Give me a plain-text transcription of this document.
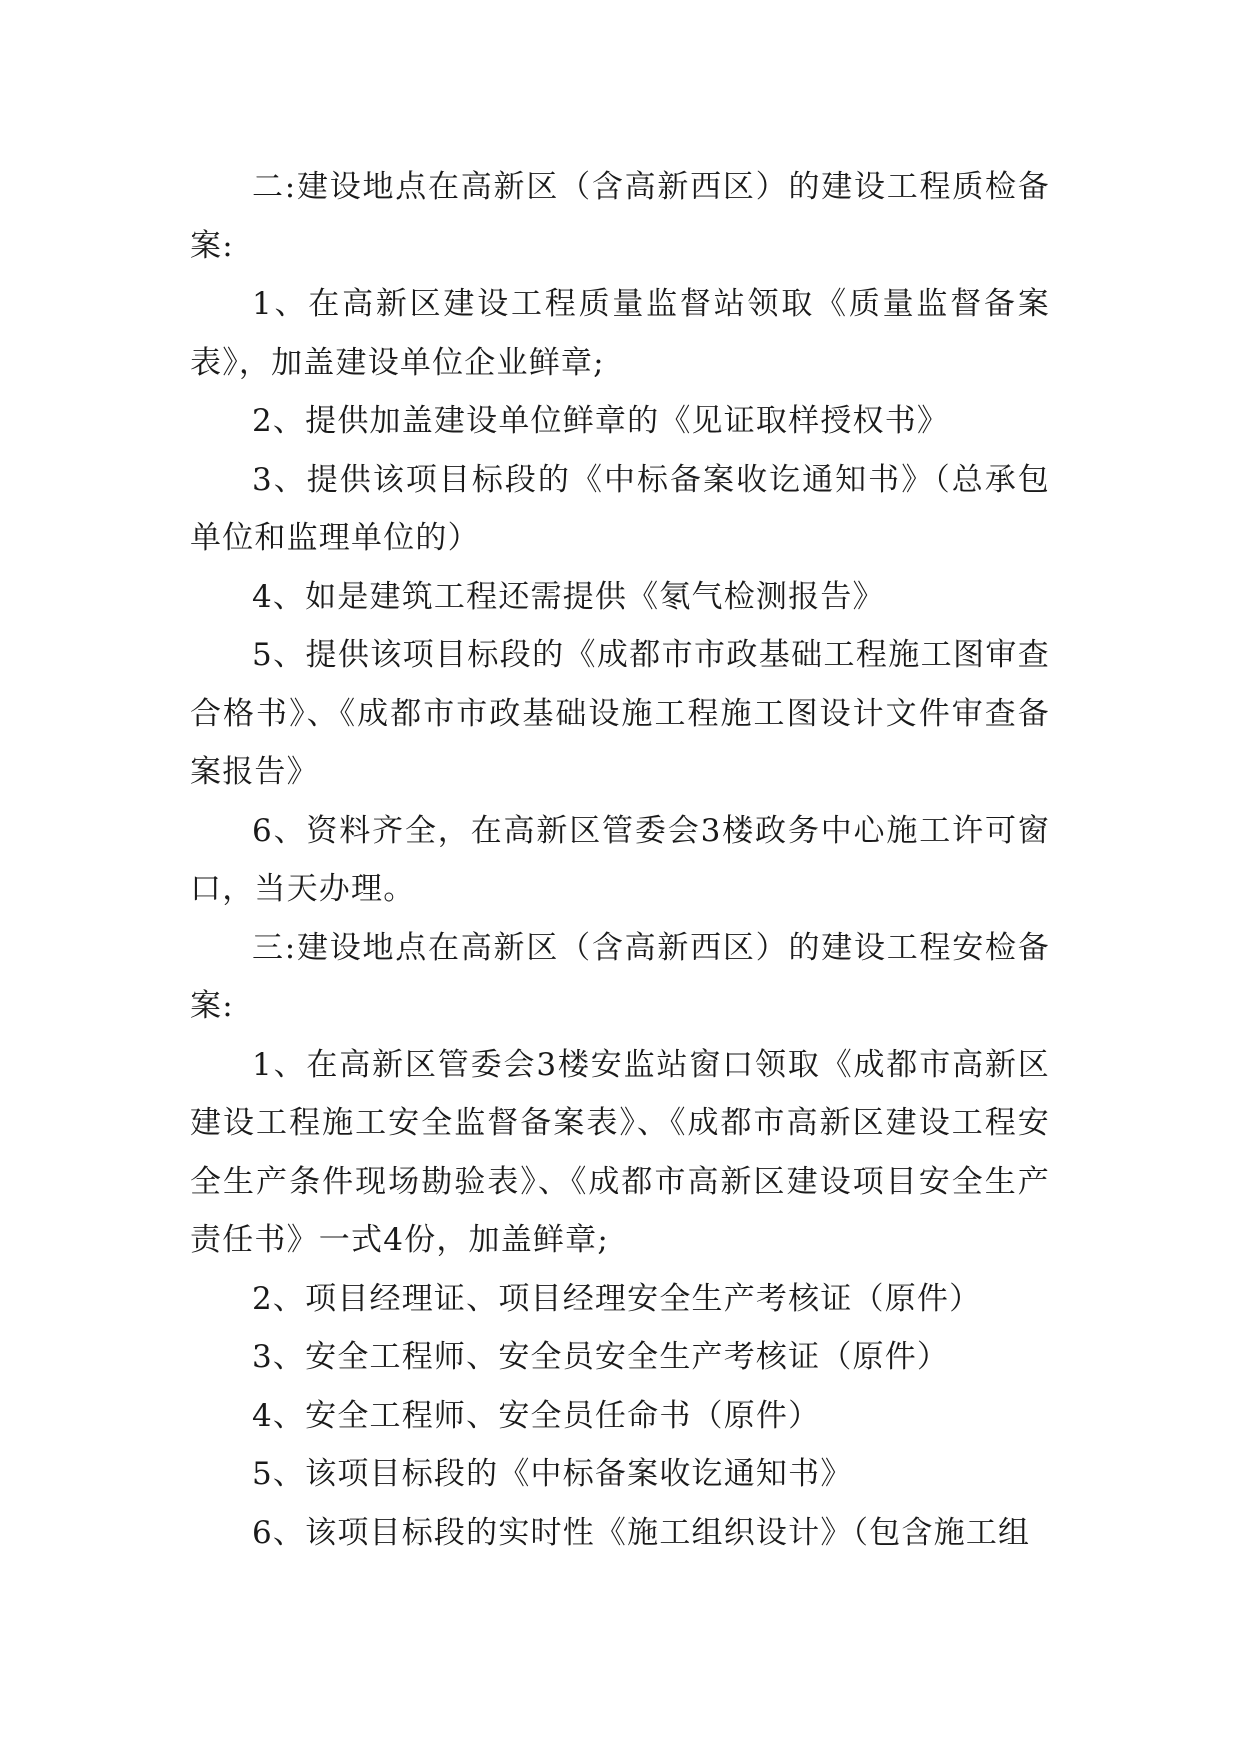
二:建设地点在高新区（含高新西区）的建设工程质检备案:

1、在高新区建设工程质量监督站领取《质量监督备案表》，加盖建设单位企业鲜章;

2、提供加盖建设单位鲜章的《见证取样授权书》

3、提供该项目标段的《中标备案收讫通知书》（总承包单位和监理单位的）

4、如是建筑工程还需提供《氡气检测报告》

5、提供该项目标段的《成都市市政基础工程施工图审查合格书》、《成都市市政基础设施工程施工图设计文件审查备案报告》

6、资料齐全，在高新区管委会3楼政务中心施工许可窗口，当天办理。

三:建设地点在高新区（含高新西区）的建设工程安检备案:

1、在高新区管委会3楼安监站窗口领取《成都市高新区建设工程施工安全监督备案表》、《成都市高新区建设工程安全生产条件现场勘验表》、《成都市高新区建设项目安全生产责任书》一式4份，加盖鲜章;

2、项目经理证、项目经理安全生产考核证（原件）

3、安全工程师、安全员安全生产考核证（原件）

4、安全工程师、安全员任命书（原件）

5、该项目标段的《中标备案收讫通知书》

6、该项目标段的实时性《施工组织设计》（包含施工组
